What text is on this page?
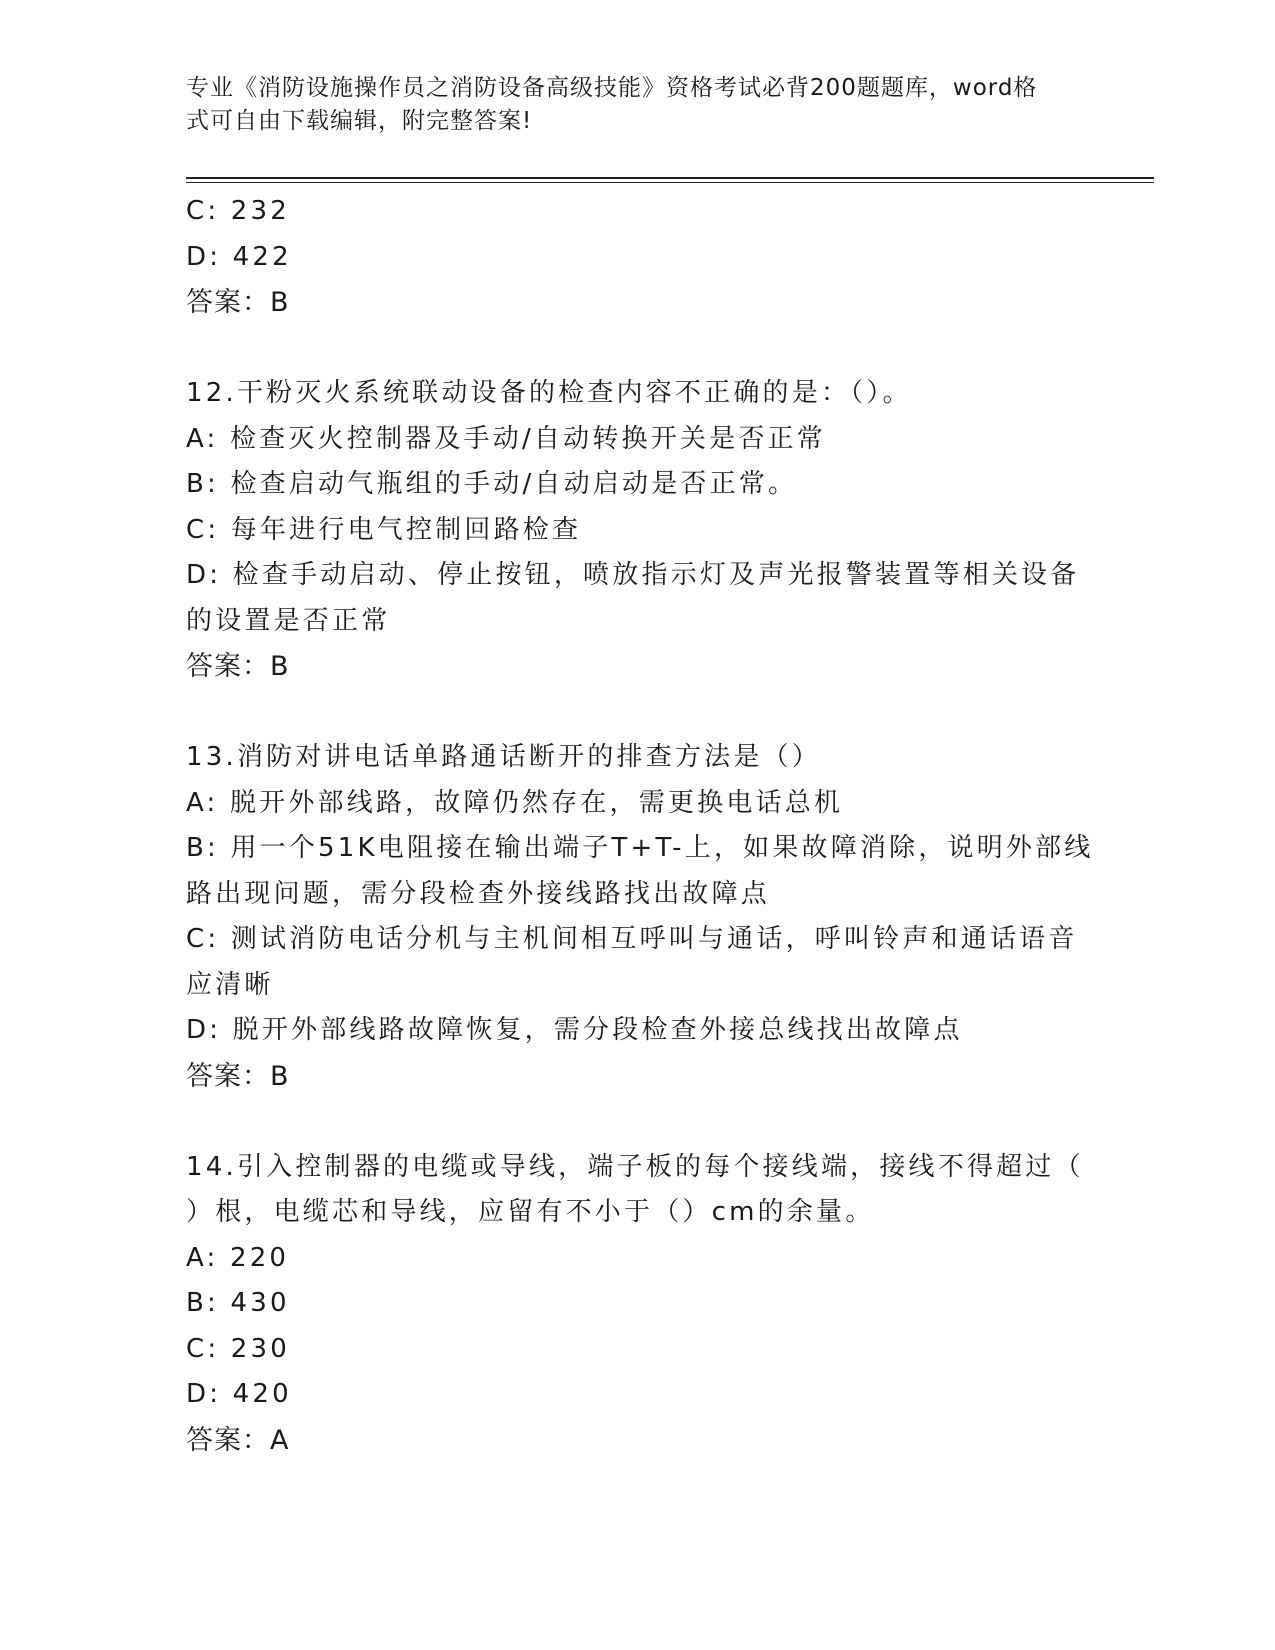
专业《消防设施操作员之消防设备高级技能》资格考试必背200题题库，word格
式可自由下载编辑，附完整答案!
C: 232
D: 422
答案：B
12.干粉灭火系统联动设备的检查内容不正确的是：（）。
A: 检查灭火控制器及手动/自动转换开关是否正常
B: 检查启动气瓶组的手动/自动启动是否正常。
C: 每年进行电气控制回路检查
D: 检查手动启动、停止按钮，喷放指示灯及声光报警装置等相关设备
的设置是否正常
答案：B
13.消防对讲电话单路通话断开的排查方法是（）
A: 脱开外部线路，故障仍然存在，需更换电话总机
B: 用一个51K电阻接在输出端子T+T-上，如果故障消除，说明外部线
路出现问题，需分段检查外接线路找出故障点
C: 测试消防电话分机与主机间相互呼叫与通话，呼叫铃声和通话语音
应清晰
D: 脱开外部线路故障恢复，需分段检查外接总线找出故障点
答案：B
14.引入控制器的电缆或导线，端子板的每个接线端，接线不得超过（
）根，电缆芯和导线，应留有不小于（）cm的余量。
A: 220
B: 430
C: 230
D: 420
答案：A
